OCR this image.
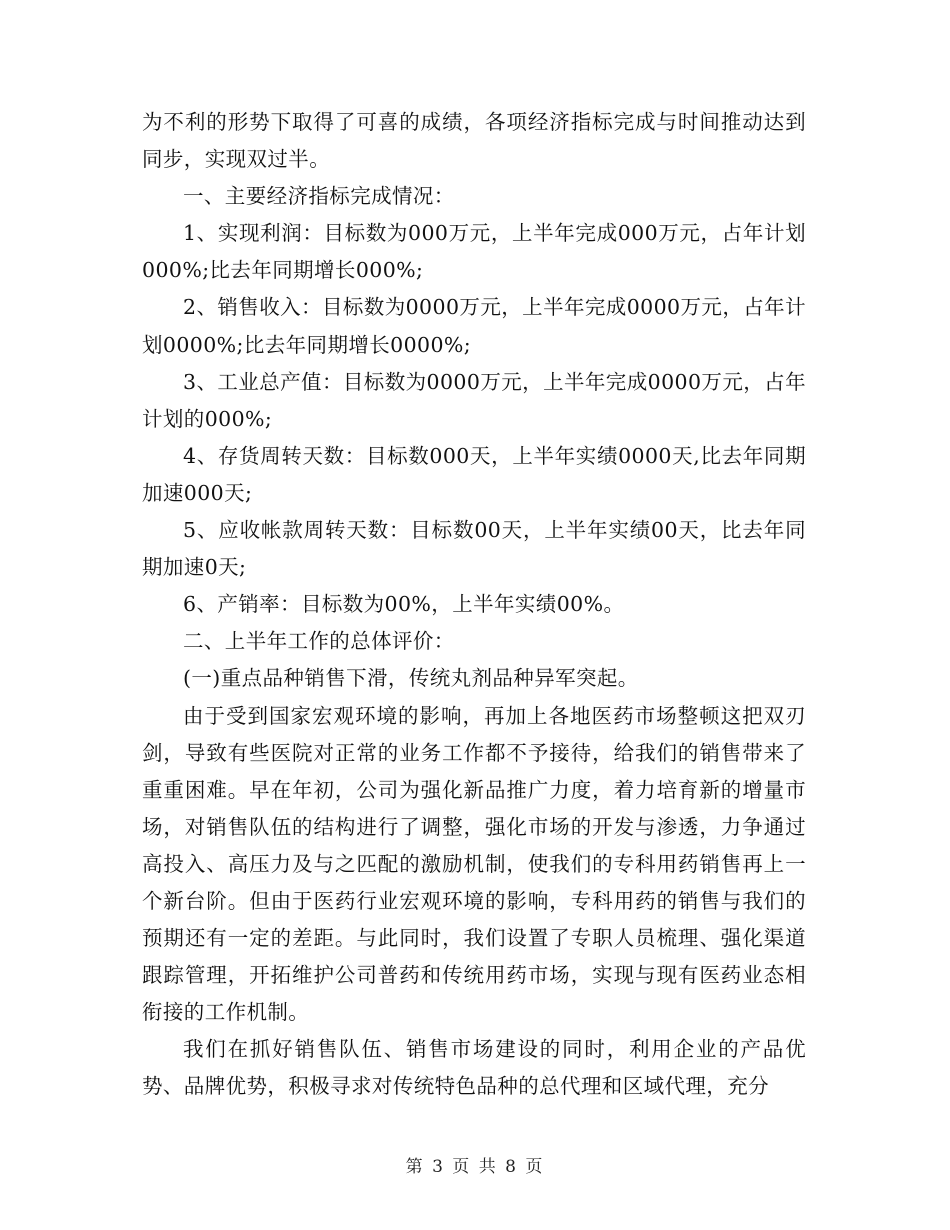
为不利的形势下取得了可喜的成绩，各项经济指标完成与时间推动达到同步，实现双过半。

一、主要经济指标完成情况：

1、实现利润：目标数为000万元，上半年完成000万元，占年计划000%;比去年同期增长000%;

2、销售收入：目标数为0000万元，上半年完成0000万元，占年计划0000%;比去年同期增长0000%;

3、工业总产值：目标数为0000万元，上半年完成0000万元，占年计划的000%;

4、存货周转天数：目标数000天，上半年实绩0000天,比去年同期加速000天;

5、应收帐款周转天数：目标数00天，上半年实绩00天，比去年同期加速0天;

6、产销率：目标数为00%，上半年实绩00%。

二、上半年工作的总体评价：

(一)重点品种销售下滑，传统丸剂品种异军突起。

由于受到国家宏观环境的影响，再加上各地医药市场整顿这把双刃剑，导致有些医院对正常的业务工作都不予接待，给我们的销售带来了重重困难。早在年初，公司为强化新品推广力度，着力培育新的增量市场，对销售队伍的结构进行了调整，强化市场的开发与渗透，力争通过高投入、高压力及与之匹配的激励机制，使我们的专科用药销售再上一个新台阶。但由于医药行业宏观环境的影响，专科用药的销售与我们的预期还有一定的差距。与此同时，我们设置了专职人员梳理、强化渠道跟踪管理，开拓维护公司普药和传统用药市场，实现与现有医药业态相衔接的工作机制。

我们在抓好销售队伍、销售市场建设的同时，利用企业的产品优势、品牌优势，积极寻求对传统特色品种的总代理和区域代理，充分

第 3 页 共 8 页
